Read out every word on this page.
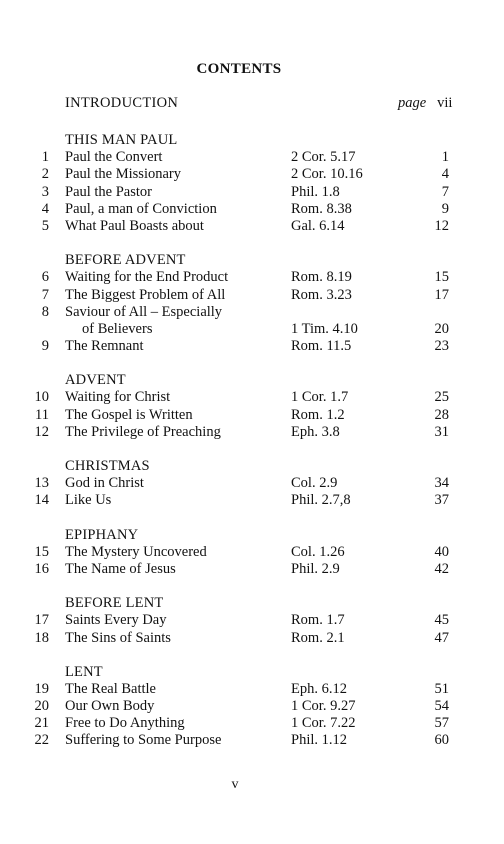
CONTENTS
INTRODUCTION	page vii
THIS MAN PAUL
1 Paul the Convert	2 Cor. 5.17	1
2 Paul the Missionary	2 Cor. 10.16	4
3 Paul the Pastor	Phil. 1.8	7
4 Paul, a man of Conviction	Rom. 8.38	9
5 What Paul Boasts about	Gal. 6.14	12
BEFORE ADVENT
6 Waiting for the End Product	Rom. 8.19	15
7 The Biggest Problem of All	Rom. 3.23	17
8 Saviour of All – Especially
of Believers	1 Tim. 4.10	20
9 The Remnant	Rom. 11.5	23
ADVENT
10 Waiting for Christ	1 Cor. 1.7	25
11 The Gospel is Written	Rom. 1.2	28
12 The Privilege of Preaching	Eph. 3.8	31
CHRISTMAS
13 God in Christ	Col. 2.9	34
14 Like Us	Phil. 2.7,8	37
EPIPHANY
15 The Mystery Uncovered	Col. 1.26	40
16 The Name of Jesus	Phil. 2.9	42
BEFORE LENT
17 Saints Every Day	Rom. 1.7	45
18 The Sins of Saints	Rom. 2.1	47
LENT
19 The Real Battle	Eph. 6.12	51
20 Our Own Body	1 Cor. 9.27	54
21 Free to Do Anything	1 Cor. 7.22	57
22 Suffering to Some Purpose	Phil. 1.12	60
v
